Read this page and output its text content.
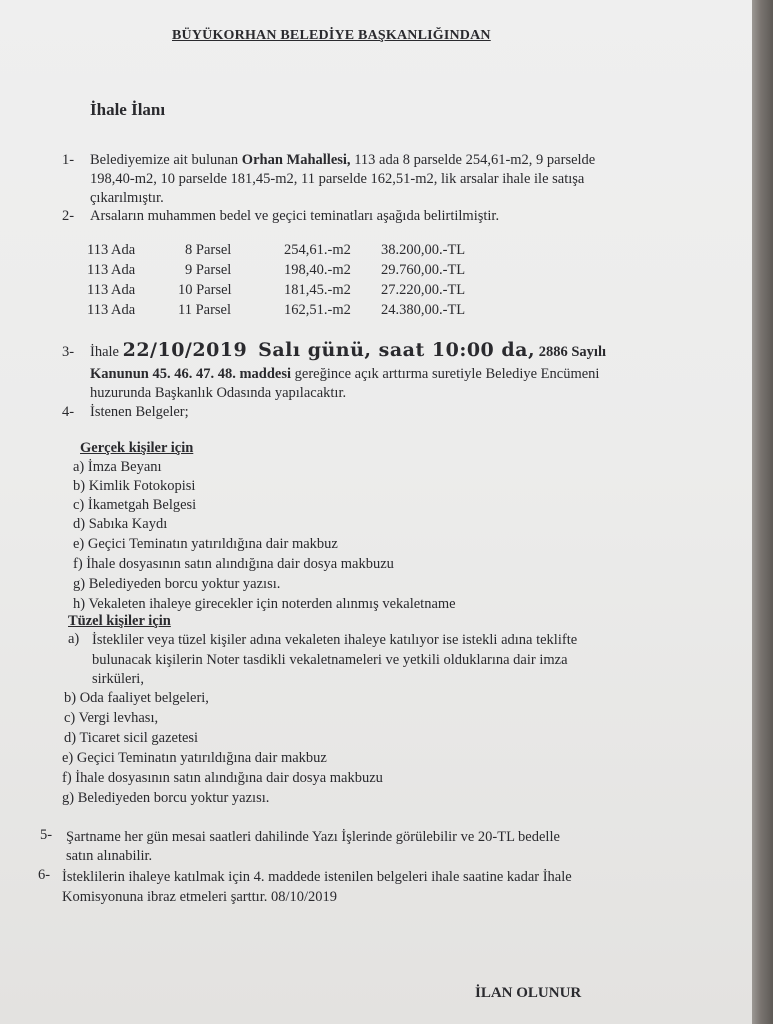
BÜYÜKORHAN BELEDİYE BAŞKANLIĞINDAN
İhale İlanı
1- Belediyemize ait bulunan Orhan Mahallesi, 113 ada 8 parselde 254,61-m2, 9 parselde
198,40-m2, 10 parselde 181,45-m2, 11 parselde 162,51-m2, lik arsalar ihale ile satışa
çıkarılmıştır.
2- Arsaların muhammen bedel ve geçici teminatları aşağıda belirtilmiştir.
113 Ada	8 Parsel	254,61.-m2 38.200,00.-TL
113 Ada	9 Parsel	198,40.-m2 29.760,00.-TL
113 Ada	10 Parsel	181,45.-m2 27.220,00.-TL
113 Ada	11 Parsel	162,51.-m2 24.380,00.-TL
3- İhale 22/10/2019 Salı günü, saat 10:00 da, 2886 Sayılı
Kanunun 45. 46. 47. 48. maddesi gereğince açık arttırma suretiyle Belediye Encümeni
huzurunda Başkanlık Odasında yapılacaktır.
4- İstenen Belgeler;
Gerçek kişiler için
a) İmza Beyanı
b) Kimlik Fotokopisi
c) İkametgah Belgesi
d) Sabıka Kaydı
e) Geçici Teminatın yatırıldığına dair makbuz
f) İhale dosyasının satın alındığına dair dosya makbuzu
g) Belediyeden borcu yoktur yazısı.
h) Vekaleten ihaleye girecekler için noterden alınmış vekaletname
Tüzel kişiler için
a) İstekliler veya tüzel kişiler adına vekaleten ihaleye katılıyor ise istekli adına teklifte
bulunacak kişilerin Noter tasdikli vekaletnameleri ve yetkili olduklarına dair imza
sirküleri,
b) Oda faaliyet belgeleri,
c) Vergi levhası,
d) Ticaret sicil gazetesi
e) Geçici Teminatın yatırıldığına dair makbuz
f) İhale dosyasının satın alındığına dair dosya makbuzu
g) Belediyeden borcu yoktur yazısı.
5- Şartname her gün mesai saatleri dahilinde Yazı İşlerinde görülebilir ve 20-TL bedelle
satın alınabilir.
6- İsteklilerin ihaleye katılmak için 4. maddede istenilen belgeleri ihale saatine kadar İhale
Komisyonuna ibraz etmeleri şarttır. 08/10/2019
İLAN OLUNUR
